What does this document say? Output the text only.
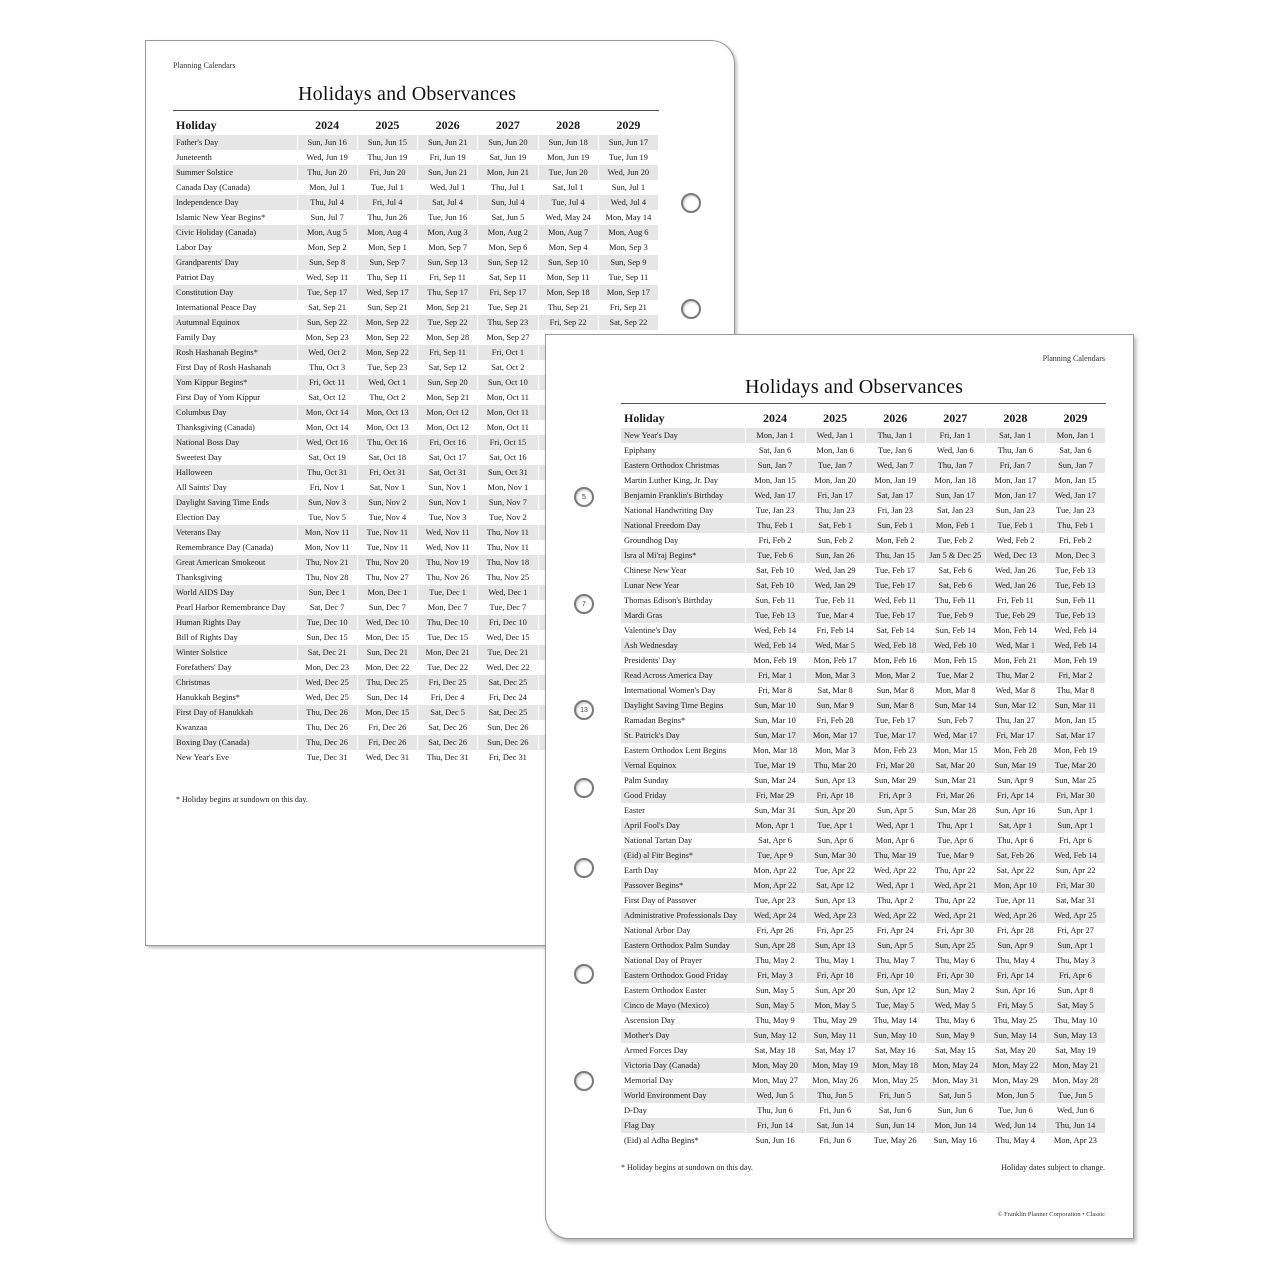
Planning Calendars
Holidays and Observances
Holiday	2024	2025	2026	2027	2028	2029
Father's Day	Sun, Jun 16	Sun, Jun 15	Sun, Jun 21	Sun, Jun 20	Sun, Jun 18	Sun, Jun 17
Juneteenth	Wed, Jun 19	Thu, Jun 19	Fri, Jun 19	Sat, Jun 19	Mon, Jun 19	Tue, Jun 19
Summer Solstice	Thu, Jun 20	Fri, Jun 20	Sun, Jun 21	Mon, Jun 21	Tue, Jun 20	Wed, Jun 20
Canada Day (Canada)	Mon, Jul 1	Tue, Jul 1	Wed, Jul 1	Thu, Jul 1	Sat, Jul 1	Sun, Jul 1
Independence Day	Thu, Jul 4	Fri, Jul 4	Sat, Jul 4	Sun, Jul 4	Tue, Jul 4	Wed, Jul 4
Islamic New Year Begins*	Sun, Jul 7	Thu, Jun 26	Tue, Jun 16	Sat, Jun 5	Wed, May 24	Mon, May 14
Civic Holiday (Canada)	Mon, Aug 5	Mon, Aug 4	Mon, Aug 3	Mon, Aug 2	Mon, Aug 7	Mon, Aug 6
Labor Day	Mon, Sep 2	Mon, Sep 1	Mon, Sep 7	Mon, Sep 6	Mon, Sep 4	Mon, Sep 3
Grandparents' Day	Sun, Sep 8	Sun, Sep 7	Sun, Sep 13	Sun, Sep 12	Sun, Sep 10	Sun, Sep 9
Patriot Day	Wed, Sep 11	Thu, Sep 11	Fri, Sep 11	Sat, Sep 11	Mon, Sep 11	Tue, Sep 11
Constitution Day	Tue, Sep 17	Wed, Sep 17	Thu, Sep 17	Fri, Sep 17	Mon, Sep 18	Mon, Sep 17
International Peace Day	Sat, Sep 21	Sun, Sep 21	Mon, Sep 21	Tue, Sep 21	Thu, Sep 21	Fri, Sep 21
Autumnal Equinox	Sun, Sep 22	Mon, Sep 22	Tue, Sep 22	Thu, Sep 23	Fri, Sep 22	Sat, Sep 22
Family Day	Mon, Sep 23	Mon, Sep 22	Mon, Sep 28	Mon, Sep 27		
Rosh Hashanah Begins*	Wed, Oct 2	Mon, Sep 22	Fri, Sep 11	Fri, Oct 1		
First Day of Rosh Hashanah	Thu, Oct 3	Tue, Sep 23	Sat, Sep 12	Sat, Oct 2		
Yom Kippur Begins*	Fri, Oct 11	Wed, Oct 1	Sun, Sep 20	Sun, Oct 10		
First Day of Yom Kippur	Sat, Oct 12	Thu, Oct 2	Mon, Sep 21	Mon, Oct 11		
Columbus Day	Mon, Oct 14	Mon, Oct 13	Mon, Oct 12	Mon, Oct 11		
Thanksgiving (Canada)	Mon, Oct 14	Mon, Oct 13	Mon, Oct 12	Mon, Oct 11		
National Boss Day	Wed, Oct 16	Thu, Oct 16	Fri, Oct 16	Fri, Oct 15		
Sweetest Day	Sat, Oct 19	Sat, Oct 18	Sat, Oct 17	Sat, Oct 16		
Halloween	Thu, Oct 31	Fri, Oct 31	Sat, Oct 31	Sun, Oct 31		
All Saints' Day	Fri, Nov 1	Sat, Nov 1	Sun, Nov 1	Mon, Nov 1		
Daylight Saving Time Ends	Sun, Nov 3	Sun, Nov 2	Sun, Nov 1	Sun, Nov 7		
Election Day	Tue, Nov 5	Tue, Nov 4	Tue, Nov 3	Tue, Nov 2		
Veterans Day	Mon, Nov 11	Tue, Nov 11	Wed, Nov 11	Thu, Nov 11		
Remembrance Day (Canada)	Mon, Nov 11	Tue, Nov 11	Wed, Nov 11	Thu, Nov 11		
Great American Smokeout	Thu, Nov 21	Thu, Nov 20	Thu, Nov 19	Thu, Nov 18		
Thanksgiving	Thu, Nov 28	Thu, Nov 27	Thu, Nov 26	Thu, Nov 25		
World AIDS Day	Sun, Dec 1	Mon, Dec 1	Tue, Dec 1	Wed, Dec 1		
Pearl Harbor Remembrance Day	Sat, Dec 7	Sun, Dec 7	Mon, Dec 7	Tue, Dec 7		
Human Rights Day	Tue, Dec 10	Wed, Dec 10	Thu, Dec 10	Fri, Dec 10		
Bill of Rights Day	Sun, Dec 15	Mon, Dec 15	Tue, Dec 15	Wed, Dec 15		
Winter Solstice	Sat, Dec 21	Sun, Dec 21	Mon, Dec 21	Tue, Dec 21		
Forefathers' Day	Mon, Dec 23	Mon, Dec 22	Tue, Dec 22	Wed, Dec 22		
Christmas	Wed, Dec 25	Thu, Dec 25	Fri, Dec 25	Sat, Dec 25		
Hanukkah Begins*	Wed, Dec 25	Sun, Dec 14	Fri, Dec 4	Fri, Dec 24		
First Day of Hanukkah	Thu, Dec 26	Mon, Dec 15	Sat, Dec 5	Sat, Dec 25		
Kwanzaa	Thu, Dec 26	Fri, Dec 26	Sat, Dec 26	Sun, Dec 26		
Boxing Day (Canada)	Thu, Dec 26	Fri, Dec 26	Sat, Dec 26	Sun, Dec 26		
New Year's Eve	Tue, Dec 31	Wed, Dec 31	Thu, Dec 31	Fri, Dec 31		
* Holiday begins at sundown on this day.
Planning Calendars
Holidays and Observances
Holiday	2024	2025	2026	2027	2028	2029
New Year's Day	Mon, Jan 1	Wed, Jan 1	Thu, Jan 1	Fri, Jan 1	Sat, Jan 1	Mon, Jan 1
Epiphany	Sat, Jan 6	Mon, Jan 6	Tue, Jan 6	Wed, Jan 6	Thu, Jan 6	Sat, Jan 6
Eastern Orthodox Christmas	Sun, Jan 7	Tue, Jan 7	Wed, Jan 7	Thu, Jan 7	Fri, Jan 7	Sun, Jan 7
Martin Luther King, Jr. Day	Mon, Jan 15	Mon, Jan 20	Mon, Jan 19	Mon, Jan 18	Mon, Jan 17	Mon, Jan 15
Benjamin Franklin's Birthday	Wed, Jan 17	Fri, Jan 17	Sat, Jan 17	Sun, Jan 17	Mon, Jan 17	Wed, Jan 17
National Handwriting Day	Tue, Jan 23	Thu, Jan 23	Fri, Jan 23	Sat, Jan 23	Sun, Jan 23	Tue, Jan 23
National Freedom Day	Thu, Feb 1	Sat, Feb 1	Sun, Feb 1	Mon, Feb 1	Tue, Feb 1	Thu, Feb 1
Groundhog Day	Fri, Feb 2	Sun, Feb 2	Mon, Feb 2	Tue, Feb 2	Wed, Feb 2	Fri, Feb 2
Isra al Mi'raj Begins*	Tue, Feb 6	Sun, Jan 26	Thu, Jan 15	Jan 5 & Dec 25	Wed, Dec 13	Mon, Dec 3
Chinese New Year	Sat, Feb 10	Wed, Jan 29	Tue, Feb 17	Sat, Feb 6	Wed, Jan 26	Tue, Feb 13
Lunar New Year	Sat, Feb 10	Wed, Jan 29	Tue, Feb 17	Sat, Feb 6	Wed, Jan 26	Tue, Feb 13
Thomas Edison's Birthday	Sun, Feb 11	Tue, Feb 11	Wed, Feb 11	Thu, Feb 11	Fri, Feb 11	Sun, Feb 11
Mardi Gras	Tue, Feb 13	Tue, Mar 4	Tue, Feb 17	Tue, Feb 9	Tue, Feb 29	Tue, Feb 13
Valentine's Day	Wed, Feb 14	Fri, Feb 14	Sat, Feb 14	Sun, Feb 14	Mon, Feb 14	Wed, Feb 14
Ash Wednesday	Wed, Feb 14	Wed, Mar 5	Wed, Feb 18	Wed, Feb 10	Wed, Mar 1	Wed, Feb 14
Presidents' Day	Mon, Feb 19	Mon, Feb 17	Mon, Feb 16	Mon, Feb 15	Mon, Feb 21	Mon, Feb 19
Read Across America Day	Fri, Mar 1	Mon, Mar 3	Mon, Mar 2	Tue, Mar 2	Thu, Mar 2	Fri, Mar 2
International Women's Day	Fri, Mar 8	Sat, Mar 8	Sun, Mar 8	Mon, Mar 8	Wed, Mar 8	Thu, Mar 8
Daylight Saving Time Begins	Sun, Mar 10	Sun, Mar 9	Sun, Mar 8	Sun, Mar 14	Sun, Mar 12	Sun, Mar 11
Ramadan Begins*	Sun, Mar 10	Fri, Feb 28	Tue, Feb 17	Sun, Feb 7	Thu, Jan 27	Mon, Jan 15
St. Patrick's Day	Sun, Mar 17	Mon, Mar 17	Tue, Mar 17	Wed, Mar 17	Fri, Mar 17	Sat, Mar 17
Eastern Orthodox Lent Begins	Mon, Mar 18	Mon, Mar 3	Mon, Feb 23	Mon, Mar 15	Mon, Feb 28	Mon, Feb 19
Vernal Equinox	Tue, Mar 19	Thu, Mar 20	Fri, Mar 20	Sat, Mar 20	Sun, Mar 19	Tue, Mar 20
Palm Sunday	Sun, Mar 24	Sun, Apr 13	Sun, Mar 29	Sun, Mar 21	Sun, Apr 9	Sun, Mar 25
Good Friday	Fri, Mar 29	Fri, Apr 18	Fri, Apr 3	Fri, Mar 26	Fri, Apr 14	Fri, Mar 30
Easter	Sun, Mar 31	Sun, Apr 20	Sun, Apr 5	Sun, Mar 28	Sun, Apr 16	Sun, Apr 1
April Fool's Day	Mon, Apr 1	Tue, Apr 1	Wed, Apr 1	Thu, Apr 1	Sat, Apr 1	Sun, Apr 1
National Tartan Day	Sat, Apr 6	Sun, Apr 6	Mon, Apr 6	Tue, Apr 6	Thu, Apr 6	Fri, Apr 6
(Eid) al Fitr Begins*	Tue, Apr 9	Sun, Mar 30	Thu, Mar 19	Tue, Mar 9	Sat, Feb 26	Wed, Feb 14
Earth Day	Mon, Apr 22	Tue, Apr 22	Wed, Apr 22	Thu, Apr 22	Sat, Apr 22	Sun, Apr 22
Passover Begins*	Mon, Apr 22	Sat, Apr 12	Wed, Apr 1	Wed, Apr 21	Mon, Apr 10	Fri, Mar 30
First Day of Passover	Tue, Apr 23	Sun, Apr 13	Thu, Apr 2	Thu, Apr 22	Tue, Apr 11	Sat, Mar 31
Administrative Professionals Day	Wed, Apr 24	Wed, Apr 23	Wed, Apr 22	Wed, Apr 21	Wed, Apr 26	Wed, Apr 25
National Arbor Day	Fri, Apr 26	Fri, Apr 25	Fri, Apr 24	Fri, Apr 30	Fri, Apr 28	Fri, Apr 27
Eastern Orthodox Palm Sunday	Sun, Apr 28	Sun, Apr 13	Sun, Apr 5	Sun, Apr 25	Sun, Apr 9	Sun, Apr 1
National Day of Prayer	Thu, May 2	Thu, May 1	Thu, May 7	Thu, May 6	Thu, May 4	Thu, May 3
Eastern Orthodox Good Friday	Fri, May 3	Fri, Apr 18	Fri, Apr 10	Fri, Apr 30	Fri, Apr 14	Fri, Apr 6
Eastern Orthodox Easter	Sun, May 5	Sun, Apr 20	Sun, Apr 12	Sun, May 2	Sun, Apr 16	Sun, Apr 8
Cinco de Mayo (Mexico)	Sun, May 5	Mon, May 5	Tue, May 5	Wed, May 5	Fri, May 5	Sat, May 5
Ascension Day	Thu, May 9	Thu, May 29	Thu, May 14	Thu, May 6	Thu, May 25	Thu, May 10
Mother's Day	Sun, May 12	Sun, May 11	Sun, May 10	Sun, May 9	Sun, May 14	Sun, May 13
Armed Forces Day	Sat, May 18	Sat, May 17	Sat, May 16	Sat, May 15	Sat, May 20	Sat, May 19
Victoria Day (Canada)	Mon, May 20	Mon, May 19	Mon, May 18	Mon, May 24	Mon, May 22	Mon, May 21
Memorial Day	Mon, May 27	Mon, May 26	Mon, May 25	Mon, May 31	Mon, May 29	Mon, May 28
World Environment Day	Wed, Jun 5	Thu, Jun 5	Fri, Jun 5	Sat, Jun 5	Mon, Jun 5	Tue, Jun 5
D-Day	Thu, Jun 6	Fri, Jun 6	Sat, Jun 6	Sun, Jun 6	Tue, Jun 6	Wed, Jun 6
Flag Day	Fri, Jun 14	Sat, Jun 14	Sun, Jun 14	Mon, Jun 14	Wed, Jun 14	Thu, Jun 14
(Eid) al Adha Begins*	Sun, Jun 16	Fri, Jun 6	Tue, May 26	Sun, May 16	Thu, May 4	Mon, Apr 23
* Holiday begins at sundown on this day.	Holiday dates subject to change.
© Franklin Planner Corporation • Classic
5
7
13
